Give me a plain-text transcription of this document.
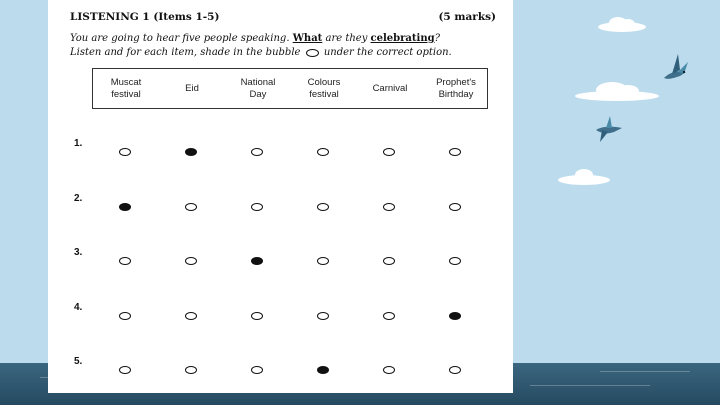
LISTENING 1 (Items 1-5)	(5 marks)
You are going to hear five people speaking. What are they celebrating?
Listen and for each item, shade in the bubble under the correct option.
Muscat
festival
Eid
National
Day
Colours
festival
Carnival
Prophet's
Birthday
1.
2.
3.
4.
5.
